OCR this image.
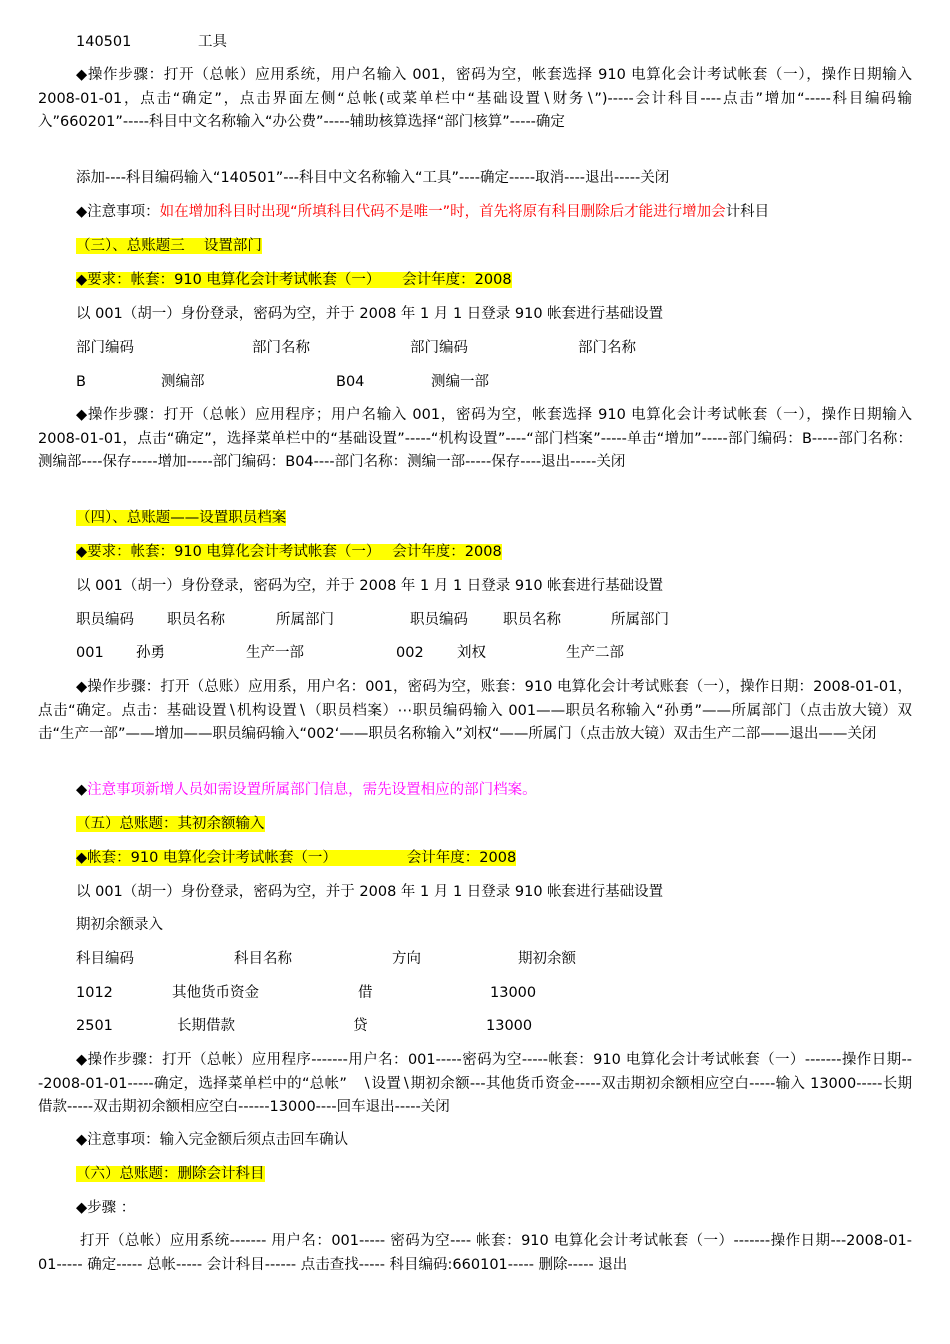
140501	工具
◆操作步骤：打开（总帐）应用系统，用户名输入 001，密码为空，帐套选择 910 电算化会计考试帐套（一），操作日期输入 2008-01-01，点击“确定”，点击界面左侧“总帐(或菜单栏中“基础设置∖财务∖”)-----会计科目----点击”增加“-----科目编码输入”660201”-----科目中文名称输入“办公费”-----辅助核算选择“部门核算”-----确定
添加----科目编码输入“140501”---科目中文名称输入“工具”----确定-----取消----退出-----关闭
◆注意事项：如在增加科目时出现“所填科目代码不是唯一”时，首先将原有科目删除后才能进行增加会计科目
（三）、总账题三　 设置部门
◆要求：帐套：910 电算化会计考试帐套（一）　　会计年度：2008
以 001（胡一）身份登录，密码为空，并于 2008 年 1 月 1 日登录 910 帐套进行基础设置
部门编码	部门名称	部门编码	部门名称
B	测编部	B04	测编一部
◆操作步骤：打开（总帐）应用程序；用户名输入 001，密码为空，帐套选择 910 电算化会计考试帐套（一），操作日期输入 2008-01-01，点击“确定”，选择菜单栏中的“基础设置”-----“机构设置”----“部门档案”-----单击“增加”-----部门编码：B-----部门名称：测编部----保存-----增加-----部门编码：B04----部门名称：测编一部-----保存----退出-----关闭
（四）、总账题——设置职员档案
◆要求：帐套：910 电算化会计考试帐套（一）　 会计年度：2008
以 001（胡一）身份登录，密码为空，并于 2008 年 1 月 1 日登录 910 帐套进行基础设置
职员编码 职员名称	所属部门	职员编码 职员名称	所属部门
001 孙勇	生产一部	002 刘权	生产二部
◆操作步骤：打开（总账）应用系，用户名：001，密码为空，账套：910 电算化会计考试账套（一），操作日期：2008-01-01，点击“确定。点击：基础设置∖机构设置∖（职员档案）⋯职员编码输入 001——职员名称输入“孙勇”——所属部门（点击放大镜）双击“生产一部”——增加——职员编码输入“002‘——职员名称输入”刘权“——所属门（点击放大镜）双击生产二部——退出——关闭
◆注意事项新增人员如需设置所属部门信息，需先设置相应的部门档案。
（五）总账题：其初余额输入
◆帐套：910 电算化会计考试帐套（一）　　　　　 会计年度：2008
以 001（胡一）身份登录，密码为空，并于 2008 年 1 月 1 日登录 910 帐套进行基础设置
期初余额录入
科目编码	科目名称	方向	期初余额
1012	其他货币资金	借	13000
2501	长期借款	贷	13000
◆操作步骤：打开（总帐）应用程序-------用户名：001-----密码为空-----帐套：910 电算化会计考试帐套（一）-------操作日期---2008-01-01-----确定，选择菜单栏中的“总帐”　∖设置∖期初余额---其他货币资金-----双击期初余额相应空白-----输入 13000-----长期借款-----双击期初余额相应空白------13000----回车退出-----关闭
◆注意事项：输入完金额后须点击回车确认
（六）总账题：删除会计科目
◆步骤 ：
打开（总帐）应用系统------- 用户名：001----- 密码为空---- 帐套：910 电算化会计考试帐套（一）-------操作日期---2008-01-01----- 确定----- 总帐----- 会计科目------ 点击查找----- 科目编码:660101----- 删除----- 退出
